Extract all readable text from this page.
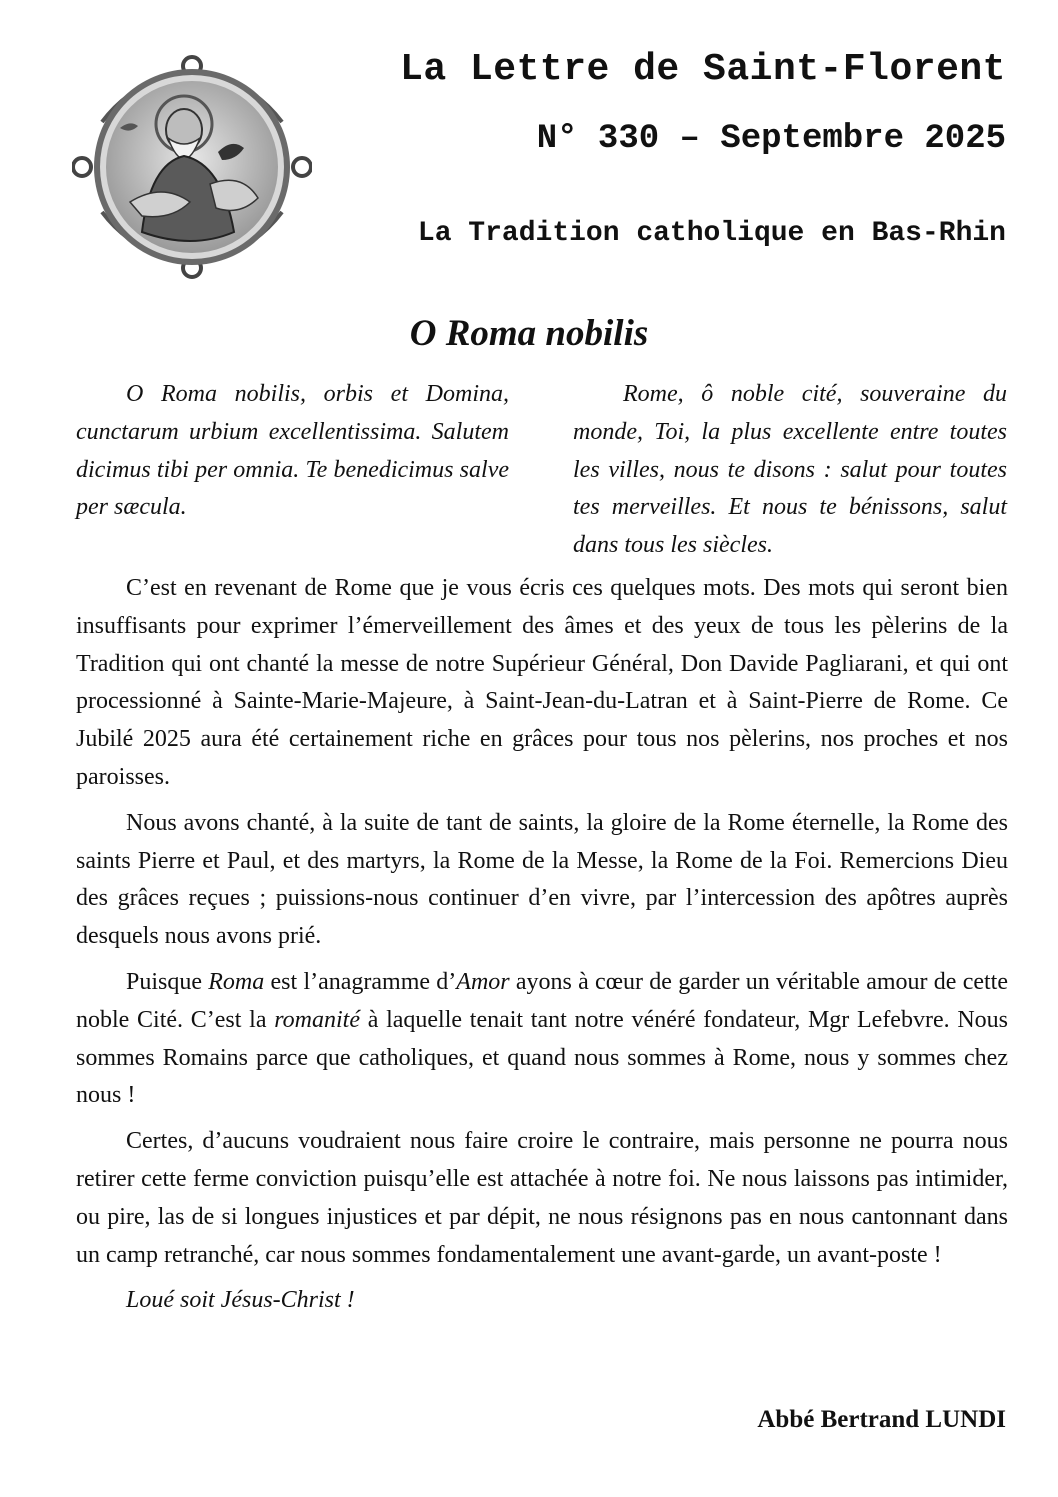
La Lettre de Saint-Florent
N° 330 – Septembre 2025
La Tradition catholique en Bas-Rhin
O Roma nobilis

O Roma nobilis, orbis et Domina, cunctarum urbium excellentissima. Salutem dicimus tibi per omnia. Te benedicimus salve per sæcula.

Rome, ô noble cité, souveraine du monde, Toi, la plus excellente entre toutes les villes, nous te disons : salut pour toutes tes merveilles. Et nous te bénissons, salut dans tous les siècles.

C’est en revenant de Rome que je vous écris ces quelques mots. Des mots qui seront bien insuffisants pour exprimer l’émerveillement des âmes et des yeux de tous les pèlerins de la Tradition qui ont chanté la messe de notre Supérieur Général, Don Davide Pagliarani, et qui ont processionné à Sainte-Marie-Majeure, à Saint-Jean-du-Latran et à Saint-Pierre de Rome. Ce Jubilé 2025 aura été certainement riche en grâces pour tous nos pèlerins, nos proches et nos paroisses.

Nous avons chanté, à la suite de tant de saints, la gloire de la Rome éternelle, la Rome des saints Pierre et Paul, et des martyrs, la Rome de la Messe, la Rome de la Foi. Remercions Dieu des grâces reçues ; puissions-nous continuer d’en vivre, par l’intercession des apôtres auprès desquels nous avons prié.

Puisque Roma est l’anagramme d’Amor ayons à cœur de garder un véritable amour de cette noble Cité. C’est la romanité à laquelle tenait tant notre vénéré fondateur, Mgr Lefebvre. Nous sommes Romains parce que catholiques, et quand nous sommes à Rome, nous y sommes chez nous !

Certes, d’aucuns voudraient nous faire croire le contraire, mais personne ne pourra nous retirer cette ferme conviction puisqu’elle est attachée à notre foi. Ne nous laissons pas intimider, ou pire, las de si longues injustices et par dépit, ne nous résignons pas en nous cantonnant dans un camp retranché, car nous sommes fondamentalement une avant-garde, un avant-poste !

Loué soit Jésus-Christ !

Abbé Bertrand LUNDI
